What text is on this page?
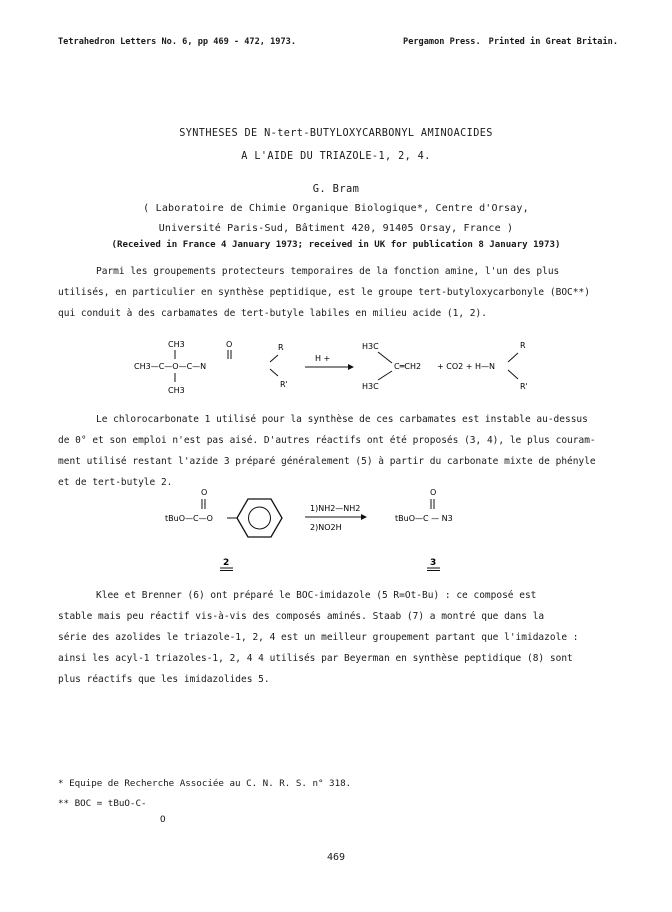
Tetrahedron Letters No. 6, pp 469 - 472, 1973.	Pergamon Press. Printed in Great Britain.
SYNTHESES DE N-tert-BUTYLOXYCARBONYL AMINOACIDES
A L'AIDE DU TRIAZOLE-1, 2, 4.
G. Bram
( Laboratoire de Chimie Organique Biologique*, Centre d'Orsay,
Université Paris-Sud, Bâtiment 420, 91405 Orsay, France )
(Received in France 4 January 1973; received in UK for publication 8 January 1973)
Parmi les groupements protecteurs temporaires de la fonction amine, l'un des plus
utilisés, en particulier en synthèse peptidique, est le groupe tert-butyloxycarbonyle (BOC**)
qui conduit à des carbamates de tert-butyle labiles en milieu acide (1, 2).
CH3	O
CH3—C—O—C—N
CH3
R
R'
H +
H3C
H3C
C═CH2 + CO2 + H—N
R
R'
Le chlorocarbonate 1 utilisé pour la synthèse de ces carbamates est instable au-dessus
de 0° et son emploi n'est pas aisé. D'autres réactifs ont été proposés (3, 4), le plus couram-
ment utilisé restant l'azide 3 préparé généralement (5) à partir du carbonate mixte de phényle
et de tert-butyle 2.
O
tBuO—C—O
1)NH2—NH2
2)NO2H
O
tBuO—C — N3
2	3
Klee et Brenner (6) ont préparé le BOC-imidazole (5 R=Ot-Bu) : ce composé est
stable mais peu réactif vis-à-vis des composés aminés. Staab (7) a montré que dans la
série des azolides le triazole-1, 2, 4 est un meilleur groupement partant que l'imidazole :
ainsi les acyl-1 triazoles-1, 2, 4 4 utilisés par Beyerman en synthèse peptidique (8) sont
plus réactifs que les imidazolides 5.
* Equipe de Recherche Associée au C. N. R. S. n° 318.
** BOC = tBuO-C-
O
469
